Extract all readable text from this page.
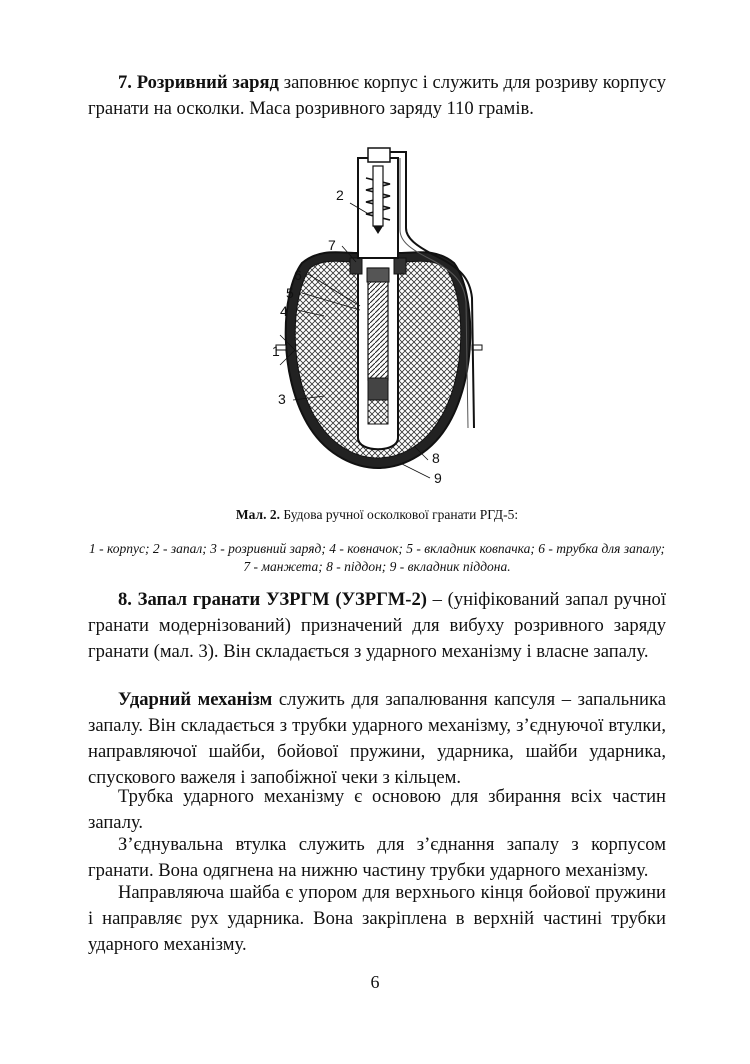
7. Розривний заряд заповнює корпус і служить для розриву корпусу гранати на осколки. Маса розривного заряду 110 грамів.

2
7
6
5
4
1
3
8
9

Мал. 2. Будова ручної осколкової гранати РГД-5:

1 - корпус; 2 - запал; 3 - розривний заряд; 4 - ковначок; 5 - вкладник ковпачка; 6 - трубка для запалу; 7 - манжета; 8 - піддон; 9 - вкладник піддона.

8. Запал гранати УЗРГМ (УЗРГМ-2) – (уніфікований запал ручної гранати модернізований) призначений для вибуху розривного заряду гранати (мал. 3). Він складається з ударного механізму і власне запалу.

Ударний механізм служить для запалювання капсуля – запальника запалу. Він складається з трубки ударного механізму, з’єднуючої втулки, направляючої шайби, бойової пружини, ударника, шайби ударника, спускового важеля і запобіжної чеки з кільцем.

Трубка ударного механізму є основою для збирання всіх частин запалу.

З’єднувальна втулка служить для з’єднання запалу з корпусом гранати. Вона одягнена на нижню частину трубки ударного механізму.

Направляюча шайба є упором для верхнього кінця бойової пружини і направляє рух ударника. Вона закріплена в верхній частині трубки ударного механізму.

6
